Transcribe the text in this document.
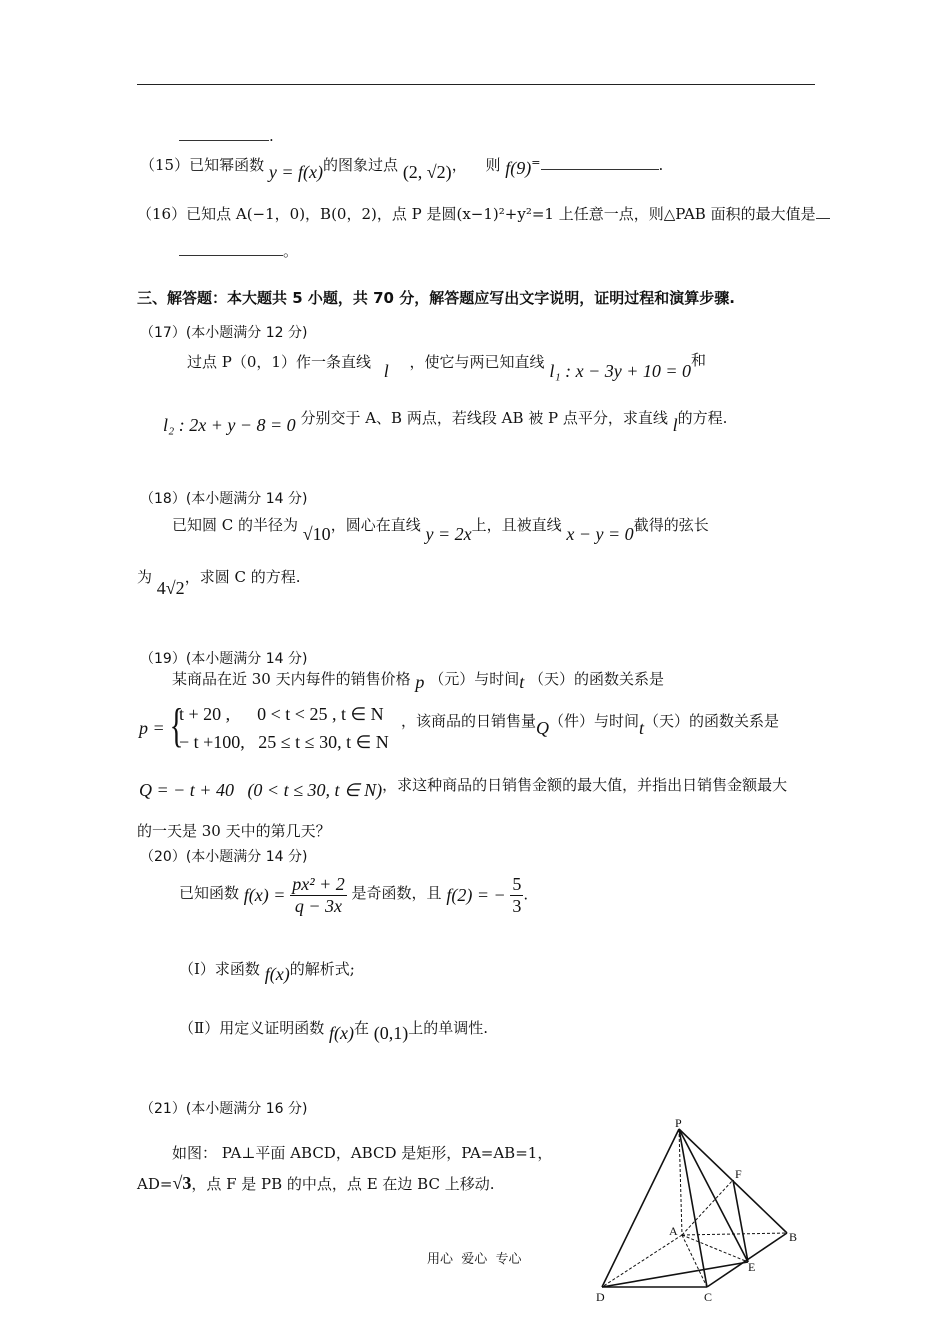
.
（15）已知幂函数 y = f(x)的图象过点 (2, √2)， 则 f(9)=	.
（16）已知点 A(−1，0)，B(0，2)，点 P 是圆(x−1)²+y²=1 上任意一点，则△PAB 面积的最大值是
。
三、解答题：本大题共 5 小题，共 70 分，解答题应写出文字说明，证明过程和演算步骤.
（17）(本小题满分 12 分)
过点 P（0，1）作一条直线 l ，使它与两已知直线 l₁ : x − 3y + 10 = 0和
l₂ : 2x + y − 8 = 0 分别交于 A、B 两点，若线段 AB 被 P 点平分，求直线 l的方程.
（18）(本小题满分 14 分)
已知圆 C 的半径为 √10，圆心在直线 y = 2x上，且被直线 x − y = 0截得的弦长
为 4√2，求圆 C 的方程.
（19）(本小题满分 14 分)
某商品在近 30 天内每件的销售价格 p （元）与时间t （天）的函数关系是
p = {
t + 20 ,      0 < t < 25 , t ∈ N
− t +100,   25 ≤ t ≤ 30, t ∈ N
，该商品的日销售量Q（件）与时间t（天）的函数关系是
Q = − t + 40   (0 < t ≤ 30, t ∈ N)，求这种商品的日销售金额的最大值，并指出日销售金额最大
的一天是 30 天中的第几天？
（20）(本小题满分 14 分)
已知函数 $f(x) = \frac{\text{px² + 2}}{q - 3x}$ 是奇函数，且 f(2) = − $\frac{5}{3}$ .
（Ⅰ）求函数 f(x)的解析式;
（Ⅱ）用定义证明函数 f(x)在 (0,1)上的单调性.
（21）(本小题满分 16 分)
如图： PA⊥平面 ABCD，ABCD 是矩形，PA=AB=1，
AD=√3，点 F 是 PB 的中点，点 E 在边 BC 上移动.
P
F
A	B
E
D	C
用心  爱心  专心
